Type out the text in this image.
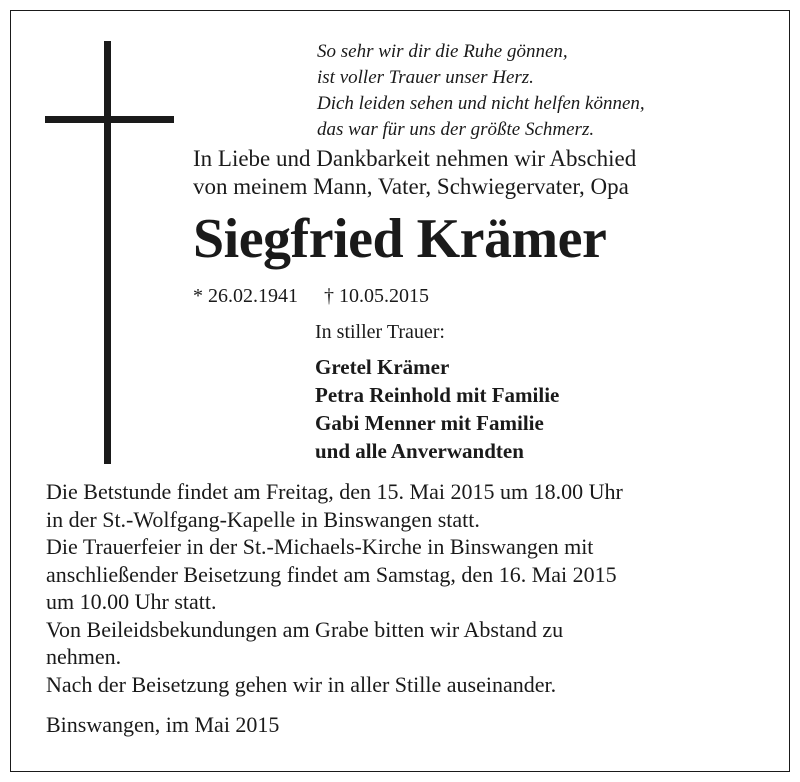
So sehr wir dir die Ruhe gönnen,
ist voller Trauer unser Herz.
Dich leiden sehen und nicht helfen können,
das war für uns der größte Schmerz.
In Liebe und Dankbarkeit nehmen wir Abschied
von meinem Mann, Vater, Schwiegervater, Opa
Siegfried Krämer
* 26.02.1941 † 10.05.2015
In stiller Trauer:
Gretel Krämer
Petra Reinhold mit Familie
Gabi Menner mit Familie
und alle Anverwandten
Die Betstunde findet am Freitag, den 15. Mai 2015 um 18.00 Uhr
in der St.-Wolfgang-Kapelle in Binswangen statt.
Die Trauerfeier in der St.-Michaels-Kirche in Binswangen mit
anschließender Beisetzung findet am Samstag, den 16. Mai 2015
um 10.00 Uhr statt.
Von Beileidsbekundungen am Grabe bitten wir Abstand zu
nehmen.
Nach der Beisetzung gehen wir in aller Stille auseinander.
Binswangen, im Mai 2015
